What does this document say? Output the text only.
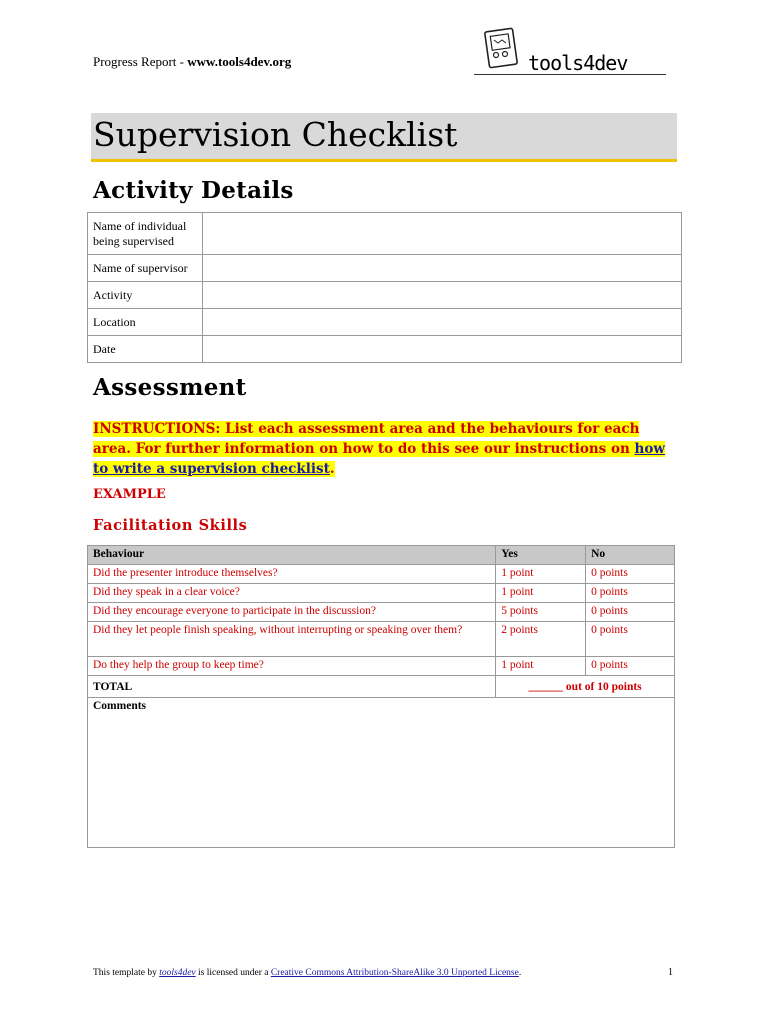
Progress Report - www.tools4dev.org	tools4dev
Supervision Checklist
Activity Details
Name of individual being supervised	
Name of supervisor	
Activity	
Location	
Date	
Assessment
INSTRUCTIONS: List each assessment area and the behaviours for each area. For further information on how to do this see our instructions on how to write a supervision checklist.
EXAMPLE
Facilitation Skills
Behaviour	Yes	No
Did the presenter introduce themselves?	1 point	0 points
Did they speak in a clear voice?	1 point	0 points
Did they encourage everyone to participate in the discussion?	5 points	0 points
Did they let people finish speaking, without interrupting or speaking over them?	2 points	0 points
Do they help the group to keep time?	1 point	0 points
TOTAL	______ out of 10 points	
Comments		
This template by tools4dev is licensed under a Creative Commons Attribution-ShareAlike 3.0 Unported License.	1
